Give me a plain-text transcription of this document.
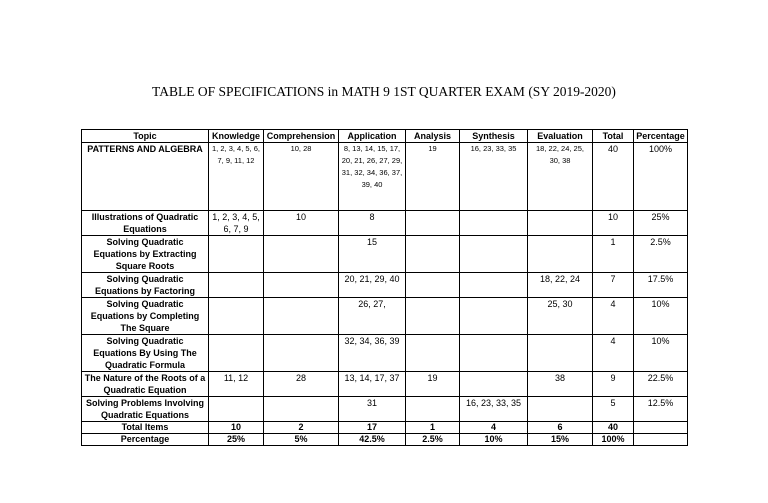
TABLE OF SPECIFICATIONS in MATH 9 1ST QUARTER EXAM (SY 2019-2020)
Topic	Knowledge	Comprehension	Application	Analysis	Synthesis	Evaluation	Total	Percentage
PATTERNS AND ALGEBRA	1, 2, 3, 4, 5, 6, 7, 9, 11, 12	10, 28	8, 13, 14, 15, 17, 20, 21, 26, 27, 29, 31, 32, 34, 36, 37, 39, 40	19	16, 23, 33, 35	18, 22, 24, 25, 30, 38	40	100%
Illustrations of Quadratic Equations	1, 2, 3, 4, 5, 6, 7, 9	10	8				10	25%
Solving Quadratic Equations by Extracting Square Roots			15				1	2.5%
Solving Quadratic Equations by Factoring			20, 21, 29, 40			18, 22, 24	7	17.5%
Solving Quadratic Equations by Completing The Square			26, 27,			25, 30	4	10%
Solving Quadratic Equations By Using The Quadratic Formula			32, 34, 36, 39				4	10%
The Nature of the Roots of a Quadratic Equation	11, 12	28	13, 14, 17, 37	19		38	9	22.5%
Solving Problems Involving Quadratic Equations			31		16, 23, 33, 35		5	12.5%
Total Items	10	2	17	1	4	6	40	
Percentage	25%	5%	42.5%	2.5%	10%	15%	100%	
